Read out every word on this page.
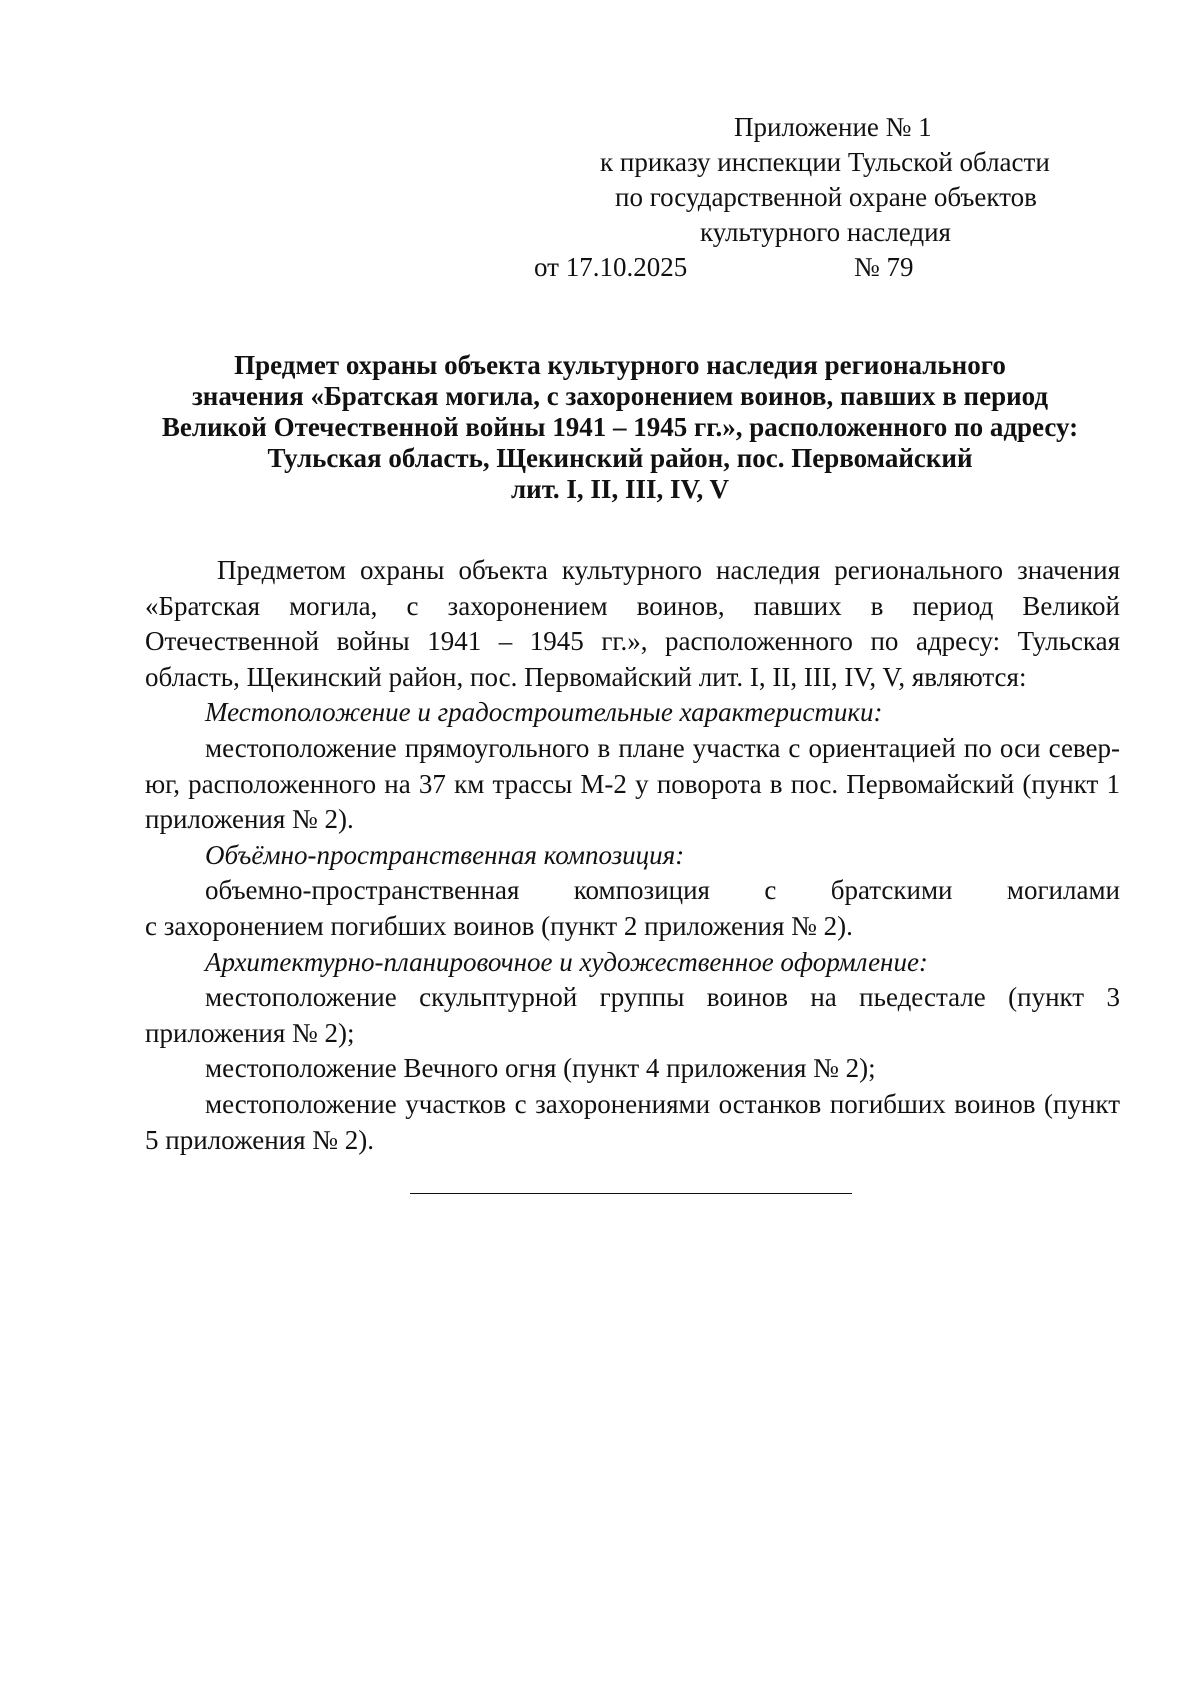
Приложение № 1
к приказу инспекции Тульской области
по государственной охране объектов
культурного наследия
от 17.10.2025	№ 79
Предмет охраны объекта культурного наследия регионального
значения «Братская могила, с захоронением воинов, павших в период
Великой Отечественной войны 1941 – 1945 гг.», расположенного по адресу:
Тульская область, Щекинский район, пос. Первомайский
лит. I, II, III, IV, V

Предметом охраны объекта культурного наследия регионального значения «Братская могила, с захоронением воинов, павших в период Великой Отечественной войны 1941 – 1945 гг.», расположенного по адресу: Тульская область, Щекинский район, пос. Первомайский лит. I, II, III, IV, V, являются:

Местоположение и градостроительные характеристики:

местоположение прямоугольного в плане участка с ориентацией по оси север-юг, расположенного на 37 км трассы М-2 у поворота в пос. Первомайский (пункт 1 приложения № 2).

Объёмно-пространственная композиция:

объемно-пространственная композиция с братскими могилами

с захоронением погибших воинов (пункт 2 приложения № 2).

Архитектурно-планировочное и художественное оформление:

местоположение скульптурной группы воинов на пьедестале (пункт 3 приложения № 2);

местоположение Вечного огня (пункт 4 приложения № 2);

местоположение участков с захоронениями останков погибших воинов (пункт 5 приложения № 2).
